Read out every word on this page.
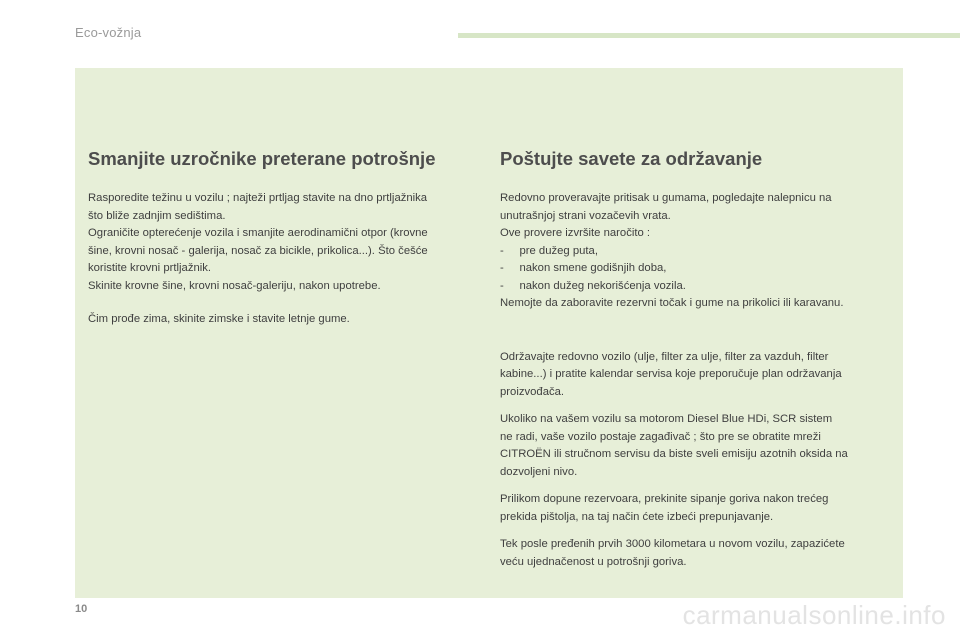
Eco-vožnja
Smanjite uzročnike preterane potrošnje

Rasporedite težinu u vozilu ; najteži prtljag stavite na dno prtljažnika
što bliže zadnjim sedištima.
Ograničite opterećenje vozila i smanjite aerodinamični otpor (krovne
šine, krovni nosač - galerija, nosač za bicikle, prikolica...). Što češće
koristite krovni prtljažnik.
Skinite krovne šine, krovni nosač-galeriju, nakon upotrebe.

Čim prođe zima, skinite zimske i stavite letnje gume.

Poštujte savete za održavanje

Redovno proveravajte pritisak u gumama, pogledajte nalepnicu na
unutrašnjoj strani vozačevih vrata.
Ove provere izvršite naročito :
-     pre dužeg puta,
-     nakon smene godišnjih doba,
-     nakon dužeg nekorišćenja vozila.
Nemojte da zaboravite rezervni točak i gume na prikolici ili karavanu.

Održavajte redovno vozilo (ulje, filter za ulje, filter za vazduh, filter
kabine...) i pratite kalendar servisa koje preporučuje plan održavanja
proizvođača.

Ukoliko na vašem vozilu sa motorom Diesel Blue HDi, SCR sistem
ne radi, vaše vozilo postaje zagađivač ; što pre se obratite mreži
CITROËN ili stručnom servisu da biste sveli emisiju azotnih oksida na
dozvoljeni nivo.

Prilikom dopune rezervoara, prekinite sipanje goriva nakon trećeg
prekida pištolja, na taj način ćete izbeći prepunjavanje.

Tek posle pređenih prvih 3000 kilometara u novom vozilu, zapazićete
veću ujednačenost u potrošnji goriva.

10	carmanualsonline.info
